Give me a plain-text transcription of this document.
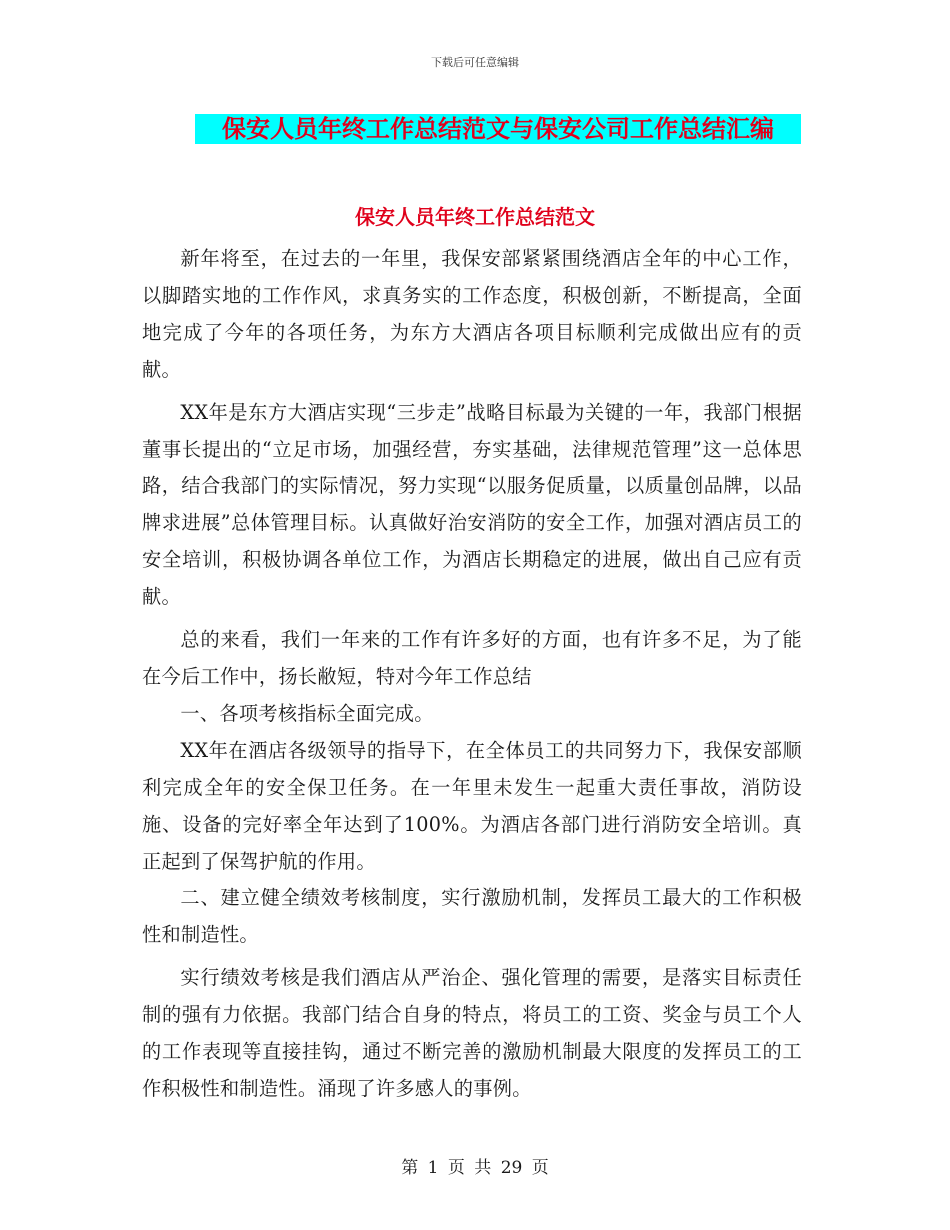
下载后可任意编辑
保安人员年终工作总结范文与保安公司工作总结汇编
保安人员年终工作总结范文

新年将至，在过去的一年里，我保安部紧紧围绕酒店全年的中心工作，以脚踏实地的工作作风，求真务实的工作态度，积极创新，不断提高，全面地完成了今年的各项任务，为东方大酒店各项目标顺利完成做出应有的贡献。

XX年是东方大酒店实现“三步走”战略目标最为关键的一年，我部门根据董事长提出的“立足市场，加强经营，夯实基础，法律规范管理”这一总体思路，结合我部门的实际情况，努力实现“以服务促质量，以质量创品牌，以品牌求进展”总体管理目标。认真做好治安消防的安全工作，加强对酒店员工的安全培训，积极协调各单位工作，为酒店长期稳定的进展，做出自己应有贡献。

总的来看，我们一年来的工作有许多好的方面，也有许多不足，为了能在今后工作中，扬长敝短，特对今年工作总结

一、各项考核指标全面完成。

XX年在酒店各级领导的指导下，在全体员工的共同努力下，我保安部顺利完成全年的安全保卫任务。在一年里未发生一起重大责任事故，消防设施、设备的完好率全年达到了100%。为酒店各部门进行消防安全培训。真正起到了保驾护航的作用。

二、建立健全绩效考核制度，实行激励机制，发挥员工最大的工作积极性和制造性。

实行绩效考核是我们酒店从严治企、强化管理的需要，是落实目标责任制的强有力依据。我部门结合自身的特点，将员工的工资、奖金与员工个人的工作表现等直接挂钩，通过不断完善的激励机制最大限度的发挥员工的工作积极性和制造性。涌现了许多感人的事例。

第 1 页 共 29 页
